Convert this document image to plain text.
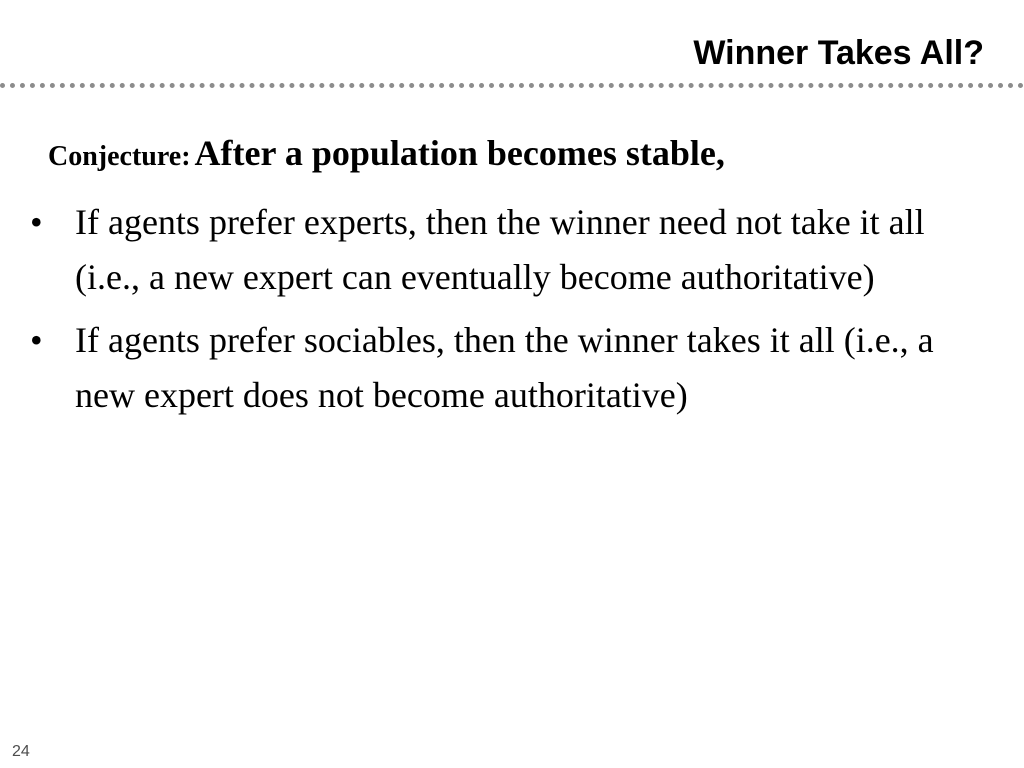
Winner Takes All?

Conjecture: After a population becomes stable,

• If agents prefer experts, then the winner need not take it all (i.e., a new expert can eventually become authoritative)
• If agents prefer sociables, then the winner takes it all (i.e., a new expert does not become authoritative)
24
